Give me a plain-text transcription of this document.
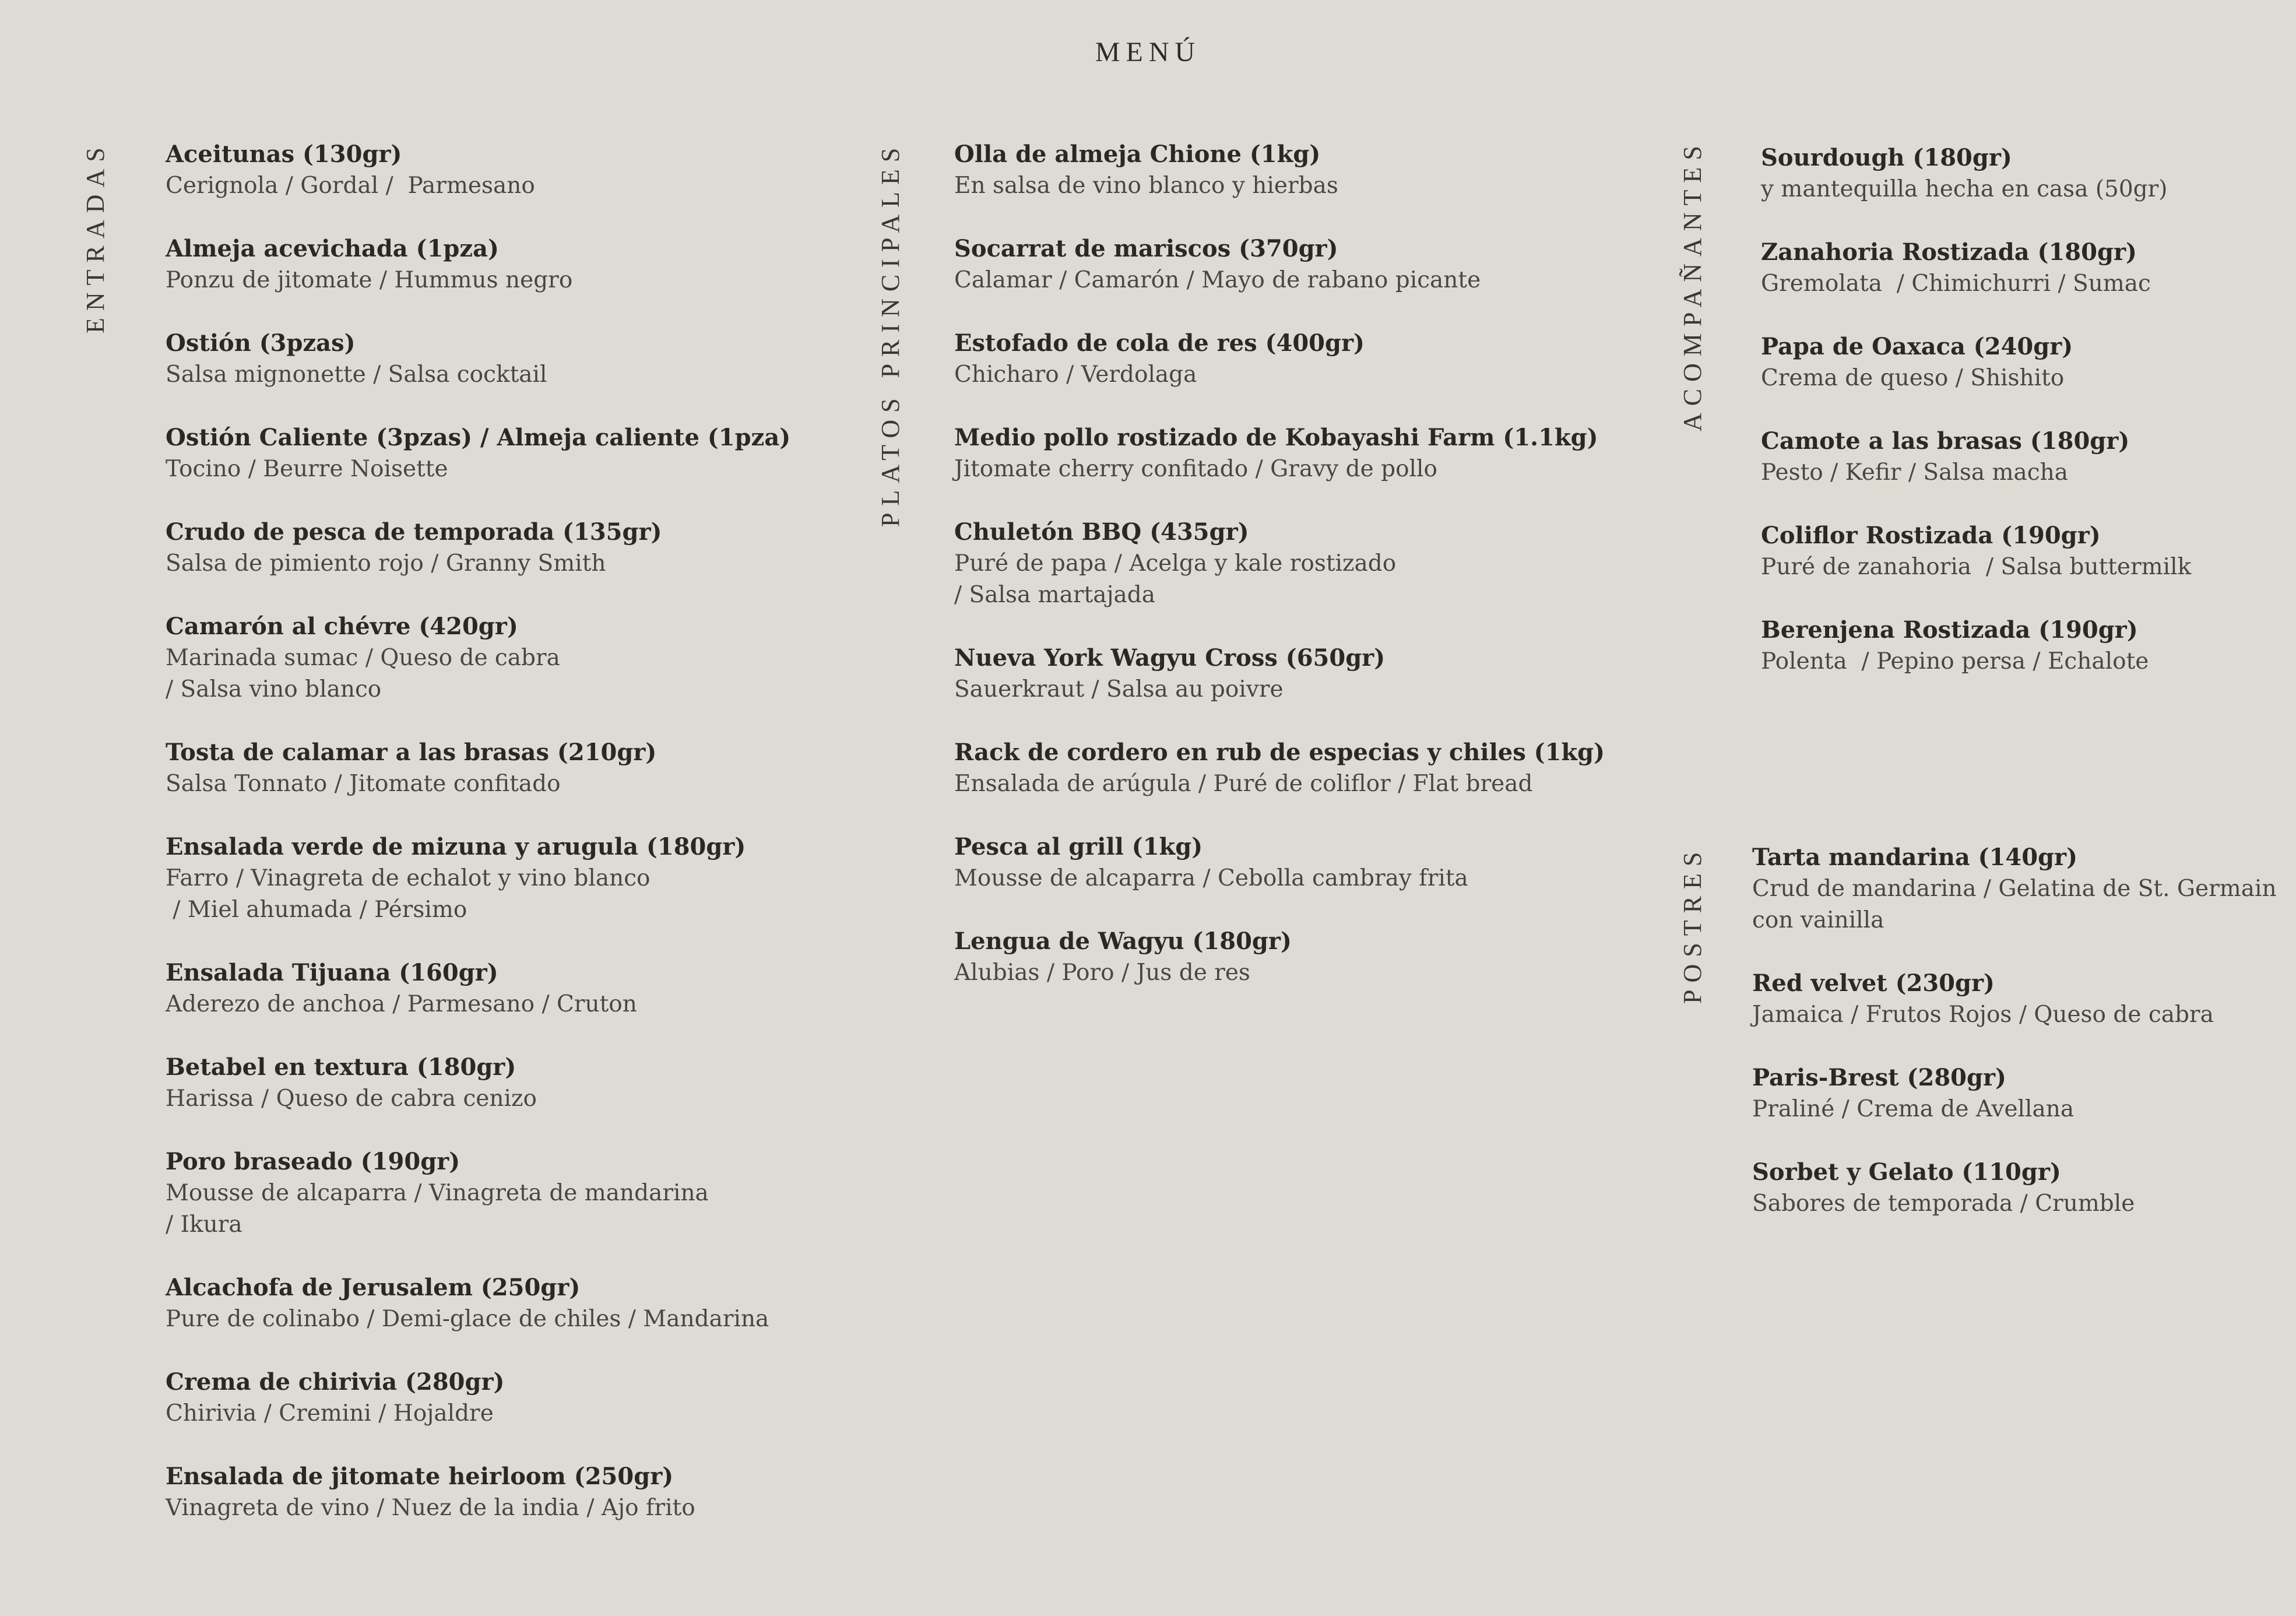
MENÚ
ENTRADAS Aceitunas (130gr)
Cerignola / Gordal /  Parmesano
Almeja acevichada (1pza)
Ponzu de jitomate / Hummus negro
Ostión (3pzas)
Salsa mignonette / Salsa cocktail
Ostión Caliente (3pzas) / Almeja caliente (1pza)
Tocino / Beurre Noisette
Crudo de pesca de temporada (135gr)
Salsa de pimiento rojo / Granny Smith
Camarón al chévre (420gr)
Marinada sumac / Queso de cabra
/ Salsa vino blanco
Tosta de calamar a las brasas (210gr)
Salsa Tonnato / Jitomate confitado
Ensalada verde de mizuna y arugula (180gr)
Farro / Vinagreta de echalot y vino blanco
/ Miel ahumada / Pérsimo
Ensalada Tijuana (160gr)
Aderezo de anchoa / Parmesano / Cruton
Betabel en textura (180gr)
Harissa / Queso de cabra cenizo
Poro braseado (190gr)
Mousse de alcaparra / Vinagreta de mandarina
/ Ikura
Alcachofa de Jerusalem (250gr)
Pure de colinabo / Demi-glace de chiles / Mandarina
Crema de chirivia (280gr)
Chirivia / Cremini / Hojaldre
Ensalada de jitomate heirloom (250gr)
Vinagreta de vino / Nuez de la india / Ajo frito
PLATOS PRINCIPALES Olla de almeja Chione (1kg)
En salsa de vino blanco y hierbas
Socarrat de mariscos (370gr)
Calamar / Camarón / Mayo de rabano picante
Estofado de cola de res (400gr)
Chicharo / Verdolaga
Medio pollo rostizado de Kobayashi Farm (1.1kg)
Jitomate cherry confitado / Gravy de pollo
Chuletón BBQ (435gr)
Puré de papa / Acelga y kale rostizado
/ Salsa martajada
Nueva York Wagyu Cross (650gr)
Sauerkraut / Salsa au poivre
Rack de cordero en rub de especias y chiles (1kg)
Ensalada de arúgula / Puré de coliflor / Flat bread
Pesca al grill (1kg)
Mousse de alcaparra / Cebolla cambray frita
Lengua de Wagyu (180gr)
Alubias / Poro / Jus de res
ACOMPAÑANTES Sourdough (180gr)
y mantequilla hecha en casa (50gr)
Zanahoria Rostizada (180gr)
Gremolata  / Chimichurri / Sumac
Papa de Oaxaca (240gr)
Crema de queso / Shishito
Camote a las brasas (180gr)
Pesto / Kefir / Salsa macha
Coliflor Rostizada (190gr)
Puré de zanahoria  / Salsa buttermilk
Berenjena Rostizada (190gr)
Polenta  / Pepino persa / Echalote
POSTRES Tarta mandarina (140gr)
Crud de mandarina / Gelatina de St. Germain
con vainilla
Red velvet (230gr)
Jamaica / Frutos Rojos / Queso de cabra
Paris-Brest (280gr)
Praliné / Crema de Avellana
Sorbet y Gelato (110gr)
Sabores de temporada / Crumble
